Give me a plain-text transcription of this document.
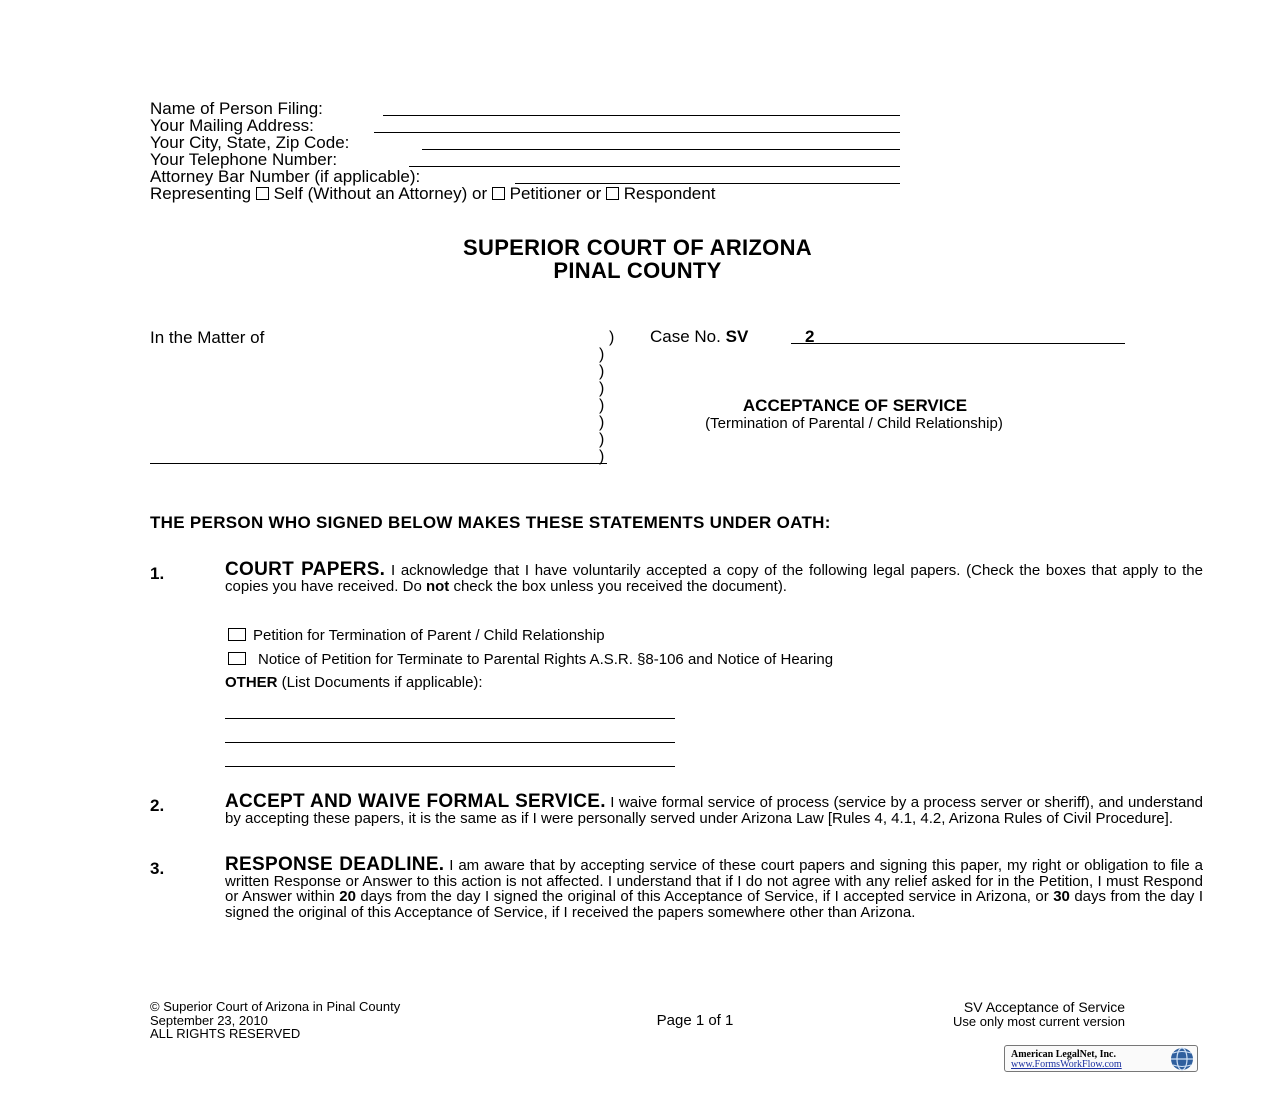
Name of Person Filing:
Your Mailing Address:
Your City, State, Zip Code:
Your Telephone Number:
Attorney Bar Number (if applicable):
Representing Self (Without an Attorney) or Petitioner or Respondent
SUPERIOR COURT OF ARIZONA
PINAL COUNTY
In the Matter of	)
)
)
)
)
)
)
)
Case No. SV	2
ACCEPTANCE OF SERVICE
(Termination of Parental / Child Relationship)
THE PERSON WHO SIGNED BELOW MAKES THESE STATEMENTS UNDER OATH:
1.	COURT PAPERS. I acknowledge that I have voluntarily accepted a copy of the following legal papers. (Check the boxes that apply to the copies you have received. Do not check the box unless you received the document).
Petition for Termination of Parent / Child Relationship
Notice of Petition for Terminate to Parental Rights A.S.R. §8-106 and Notice of Hearing
OTHER (List Documents if applicable):
2.	ACCEPT AND WAIVE FORMAL SERVICE. I waive formal service of process (service by a process server or sheriff), and understand by accepting these papers, it is the same as if I were personally served under Arizona Law [Rules 4, 4.1, 4.2, Arizona Rules of Civil Procedure].
3.	RESPONSE DEADLINE. I am aware that by accepting service of these court papers and signing this paper, my right or obligation to file a written Response or Answer to this action is not affected. I understand that if I do not agree with any relief asked for in the Petition, I must Respond or Answer within 20 days from the day I signed the original of this Acceptance of Service, if I accepted service in Arizona, or 30 days from the day I signed the original of this Acceptance of Service, if I received the papers somewhere other than Arizona.
© Superior Court of Arizona in Pinal County
September 23, 2010
ALL RIGHTS RESERVED
Page 1 of 1
SV Acceptance of Service
Use only most current version
American LegalNet, Inc.
www.FormsWorkFlow.com
